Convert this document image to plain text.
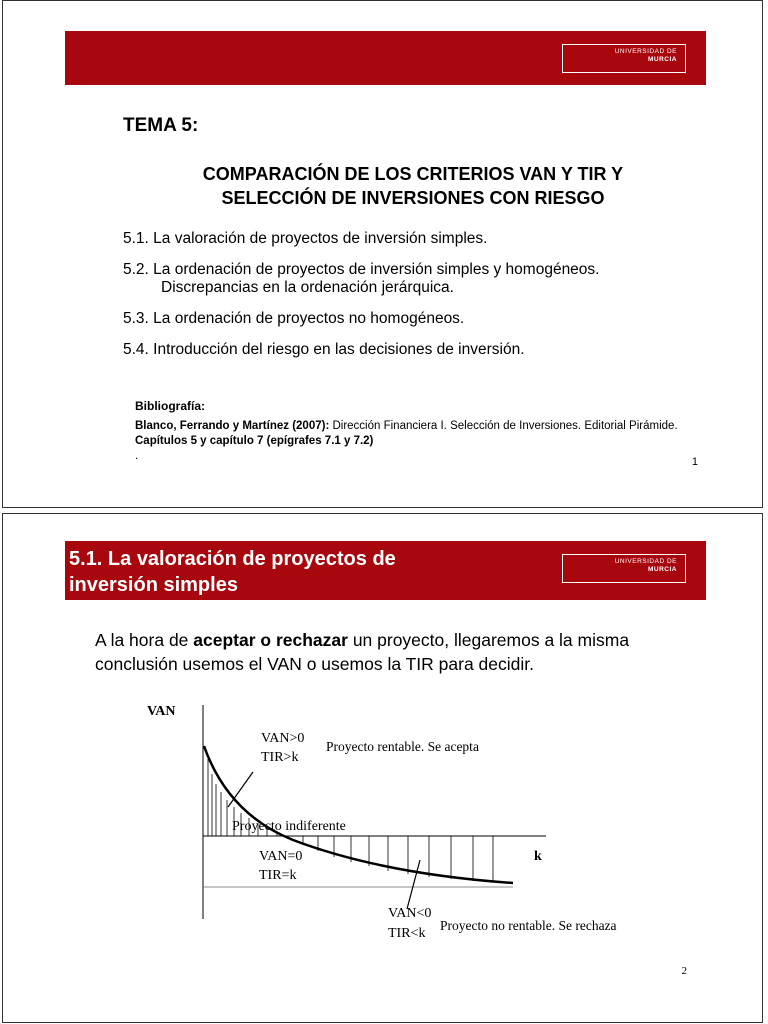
UNIVERSIDAD DE
MURCIA
TEMA 5:
COMPARACIÓN DE LOS CRITERIOS VAN Y TIR Y
SELECCIÓN DE INVERSIONES CON RIESGO
5.1. La valoración de proyectos de inversión simples.
5.2. La ordenación de proyectos de inversión simples y homogéneos.
Discrepancias en la ordenación jerárquica.
5.3. La ordenación de proyectos no homogéneos.
5.4. Introducción del riesgo en las decisiones de inversión.
Bibliografía:
Blanco, Ferrando y Martínez (2007): Dirección Financiera I. Selección de Inversiones. Editorial Pirámide. Capítulos 5 y capítulo 7 (epígrafes 7.1 y 7.2)
.	1
UNIVERSIDAD DE
MURCIA
5.1. La valoración de proyectos de
inversión simples
A la hora de aceptar o rechazar un proyecto, llegaremos a la misma conclusión usemos el VAN o usemos la TIR para decidir.
VAN
k
VAN>0
TIR>k
Proyecto rentable. Se acepta
Proyecto indiferente
VAN=0
TIR=k
VAN<0
TIR<k
Proyecto no rentable. Se rechaza
2
